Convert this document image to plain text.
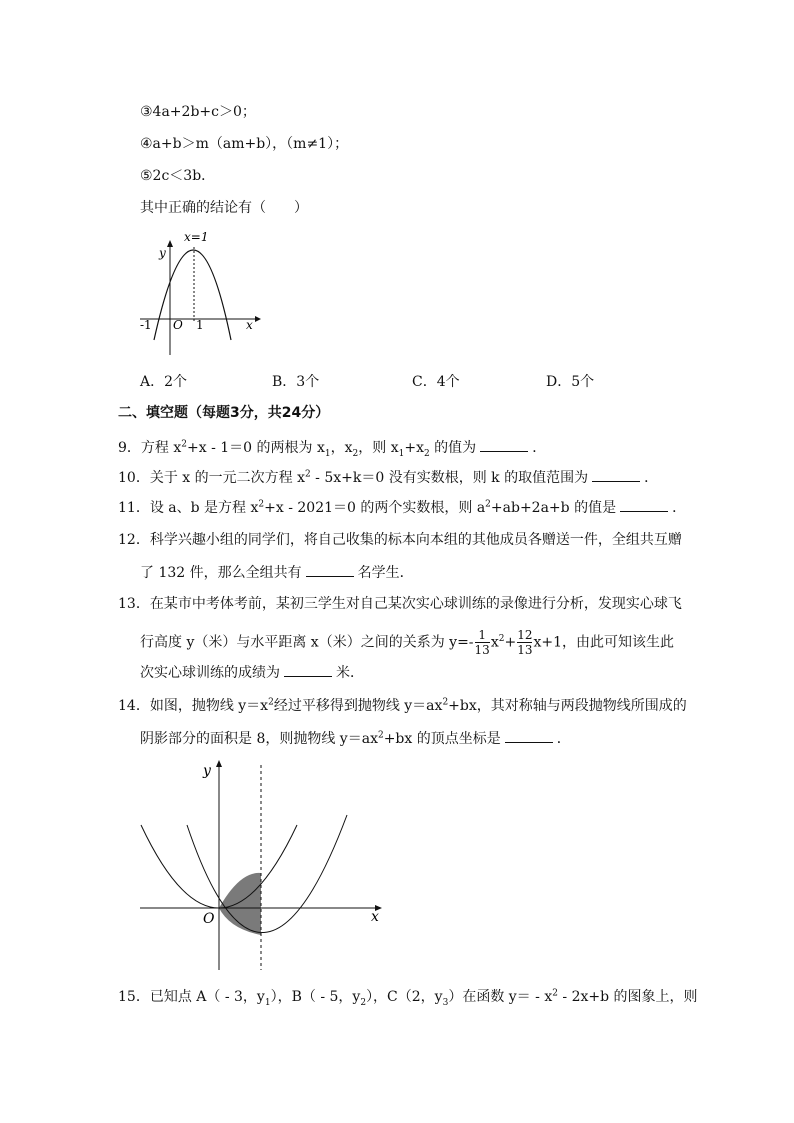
③4a+2b+c＞0；
④a+b＞m（am+b），（m≠1）；
⑤2c＜3b．
其中正确的结论有（　　）
x=1
y
x
O
-1	1
A．2个	B．3个	C．4个	D．5个
二、填空题（每题3分，共24分）
9．方程 $x^2+x - 1=0$ 的两根为 $x_1$，$x_2$，则 $x_1+x_2$ 的值为	．
10．关于 x 的一元二次方程 $x^2 - 5x+k=0$ 没有实数根，则 k 的取值范围为	．
11．设 a、b 是方程 $x^2+x - 2021=0$ 的两个实数根，则 $a^2+ab+2a+b$ 的值是	．
12．科学兴趣小组的同学们，将自己收集的标本向本组的其他成员各赠送一件，全组共互赠
了 132 件，那么全组共有	名学生．
13．在某市中考体考前，某初三学生对自己某次实心球训练的录像进行分析，发现实心球飞
行高度 y（米）与水平距离 x（米）之间的关系为 $y=- \frac{1}{13} x^2+ \frac{12}{13} x+1$，由此可知该生此
次实心球训练的成绩为	米．
14．如图，抛物线 $y=x^2$经过平移得到抛物线 $y=ax^2+bx$，其对称轴与两段抛物线所围成的
阴影部分的面积是 8，则抛物线 $y=ax^2+bx$ 的顶点坐标是	．
y
x
O
15．已知点 A（ - 3，$y_1$），B（ - 5，$y_2$），C（2，$y_3$）在函数 $y= - x^2 - 2x+b$ 的图象上，则
